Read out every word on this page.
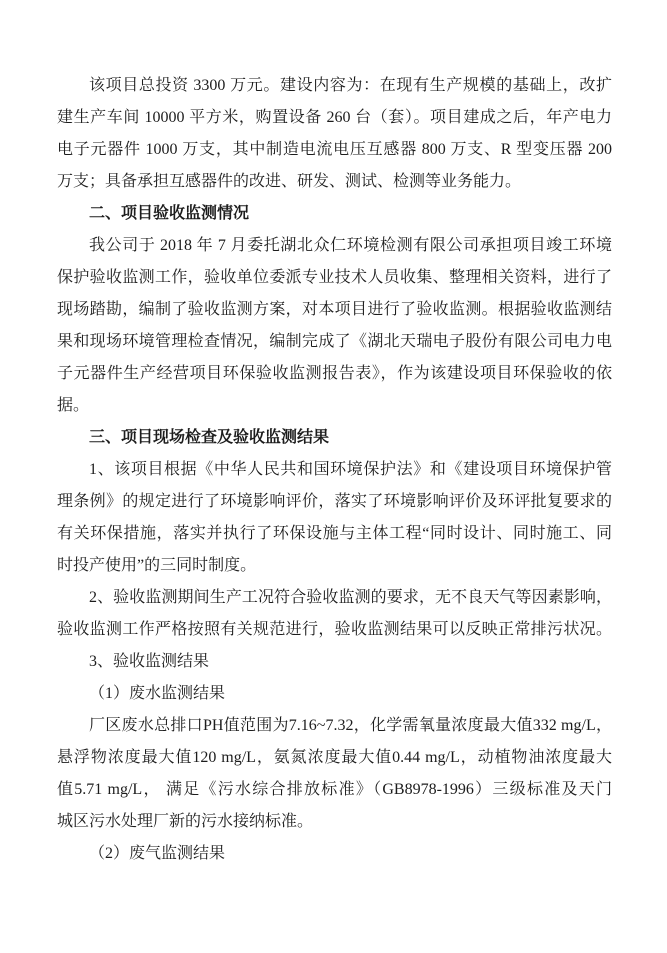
该项目总投资 3300 万元。建设内容为：在现有生产规模的基础上，改扩
建生产车间 10000 平方米，购置设备 260 台（套）。项目建成之后，年产电力
电子元器件 1000 万支，其中制造电流电压互感器 800 万支、R 型变压器 200
万支；具备承担互感器件的改进、研发、测试、检测等业务能力。
二、项目验收监测情况
我公司于 2018 年 7 月委托湖北众仁环境检测有限公司承担项目竣工环境
保护验收监测工作，验收单位委派专业技术人员收集、整理相关资料，进行了
现场踏勘，编制了验收监测方案，对本项目进行了验收监测。根据验收监测结
果和现场环境管理检查情况，编制完成了《湖北天瑞电子股份有限公司电力电
子元器件生产经营项目环保验收监测报告表》，作为该建设项目环保验收的依
据。
三、项目现场检查及验收监测结果
1、该项目根据《中华人民共和国环境保护法》和《建设项目环境保护管
理条例》的规定进行了环境影响评价，落实了环境影响评价及环评批复要求的
有关环保措施，落实并执行了环保设施与主体工程“同时设计、同时施工、同
时投产使用”的三同时制度。
2、验收监测期间生产工况符合验收监测的要求，无不良天气等因素影响，
验收监测工作严格按照有关规范进行，验收监测结果可以反映正常排污状况。
3、验收监测结果
（1）废水监测结果
厂区废水总排口PH值范围为7.16~7.32，化学需氧量浓度最大值332 mg/L，
悬浮物浓度最大值120 mg/L，氨氮浓度最大值0.44 mg/L，动植物油浓度最大
值5.71 mg/L， 满足《污水综合排放标准》（GB8978-1996）三级标准及天门
城区污水处理厂新的污水接纳标准。
（2）废气监测结果
